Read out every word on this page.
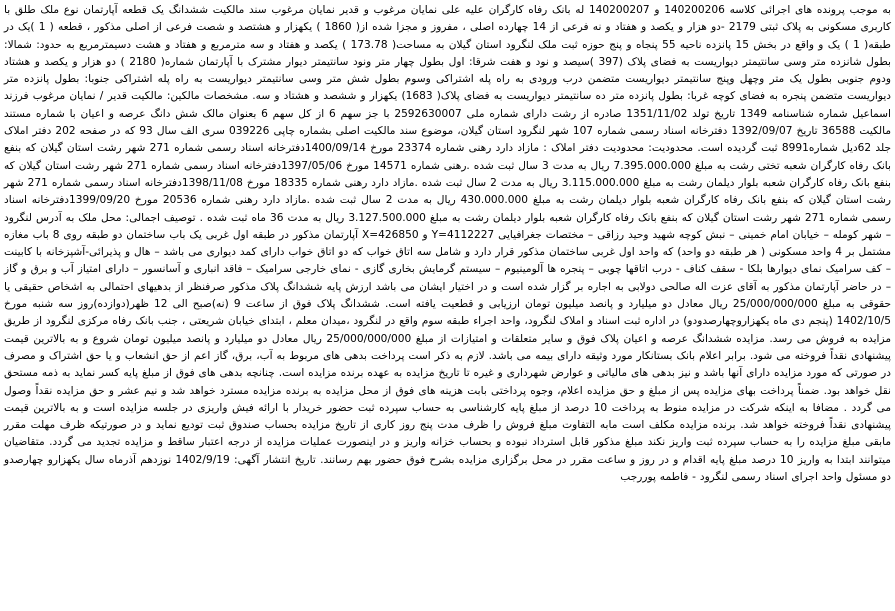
به موجب پرونده های اجرائی کلاسه 140200206 و 140200207 له بانک رفاه کارگران علیه علی نمایان مرغوب و قدیر نمایان مرغوب سند مالکیت ششدانگ یک قطعه آپارتمان نوع ملک طلق با کاربری مسکونی به پلاک ثبتی 2179 -دو هزار و یکصد و هفتاد و نه فرعی از 14 چهارده اصلی ، مفروز و مجزا شده از( 1860 ) یکهزار و هشتصد و شصت فرعی از اصلی مذکور ، قطعه ( 1 )یک در طبقه( 1 ) یک و واقع در بخش 15 پانزده ناحیه 55 پنجاه و پنج حوزه ثبت ملک لنگرود استان گیلان به مساحت( 173.78 ) یکصد و هفتاد و سه مترمربع و هفتاد و هشت دسیمترمربع به حدود: شمالا: بطول شانزده متر وسی سانتیمتر دیواریست به فضای پلاک (397 )سیصد و نود و هفت شرقا: اول بطول چهار متر ونود سانتیمتر دیوار مشترک با آپارتمان شماره( 2180 ) دو هزار و یکصد و هشتاد ودوم جنوبی بطول یک متر وچهل وپنج سانتیمتر دیواریست متضمن درب ورودی به راه پله اشتراکی وسوم بطول شش متر وسی سانتیمتر دیواریست به راه پله اشتراکی جنوبا: بطول پانزده متر دیواریست متضمن پنجره به فضای کوچه غربا: بطول پانزده متر ده سانتیمتر دیواریست به فضای پلاک( 1683) یکهزار و ششصد و هشتاد و سه. مشخصات مالکین: مالکیت قدیر / نمایان مرغوب فرزند اسماعیل شماره شناسنامه 1349 تاریخ تولد 1351/11/02 صادره از رشت دارای شماره ملی 2592630007 با جز سهم 6 از کل سهم 6 بعنوان مالک شش دانگ عرصه و اعیان با شماره مستند مالکیت 36588 تاریخ 1392/09/07 دفترخانه اسناد رسمی شماره 107 شهر لنگرود استان گیلان، موضوع سند مالکیت اصلی بشماره چاپی 039226 سری الف سال 93 که در صفحه 202 دفتر املاک جلد 62دیل شماره8991 ثبت گردیده است. محدودیت: محدودیت دفتر املاک : مازاد دارد رهنی شماره 23374 مورخ 1400/09/14دفترخانه اسناد رسمی شماره 271 شهر رشت استان گیلان که بنفع بانک رفاه کارگران شعبه تختی رشت به مبلغ 7.395.000.000 ریال به مدت 3 سال ثبت شده .رهنی شماره 14571 مورخ 1397/05/06دفترخانه اسناد رسمی شماره 271 شهر رشت استان گیلان که بنفع بانک رفاه کارگران شعبه بلوار دیلمان رشت به مبلغ 3.115.000.000 ریال به مدت 2 سال ثبت شده .مازاد دارد رهنی شماره 18335 مورخ 1398/11/08دفترخانه اسناد رسمی شماره 271 شهر رشت استان گیلان که بنفع بانک رفاه کارگران شعبه بلوار دیلمان رشت به مبلغ 430.000.000 ریال به مدت 2 سال ثبت شده .مازاد دارد رهنی شماره 20536 مورخ 1399/09/20دفترخانه اسناد رسمی شماره 271 شهر رشت استان گیلان که بنفع بانک رفاه کارگران شعبه بلوار دیلمان رشت به مبلغ 3.127.500.000 ریال به مدت 36 ماه ثبت شده . توصیف اجمالی: محل ملک به آدرس لنگرود – شهر کومله – خیابان امام خمینی – نبش کوچه شهید وحید رزاقی – مختصات جغرافیایی Y=4112227 و X=426850 آپارتمان مذکور در طبقه اول غربی یک باب ساختمان دو طبقه روی 8 باب مغازه مشتمل بر 4 واحد مسکونی ( هر طبقه دو واحد) که واحد اول غربی ساختمان مذکور قرار دارد و شامل سه اتاق خواب که دو اتاق خواب دارای کمد دیواری می باشد – هال و پذیرائی-آشپزخانه با کابینت – کف سرامیک نمای دیوارها بلکا - سقف کناف - درب اتاقها چوبی – پنجره ها آلومینیوم – سیستم گرمایش بخاری گازی - نمای خارجی سرامیک – فاقد انباری و آسانسور – دارای امتیاز آب و برق و گاز – در حاضر آپارتمان مذکور به آقای عزت اله صالحی دولابی به اجاره بر گزار شده است و در اختیار ایشان می باشد ارزش پایه ششدانگ پلاک مذکور صرفنظر از بدهیهای احتمالی به اشخاص حقیقی یا حقوقی به مبلغ 25/000/000/000 ریال معادل دو میلیارد و پانصد میلیون تومان ارزیابی و قطعیت یافته است. ششدانگ پلاک فوق از ساعت 9 (نه)صبح الی 12 ظهر(دوازده)روز سه شنبه مورخ 1402/10/5 (پنجم دی ماه یکهزاروچهارصدودو) در اداره ثبت اسناد و املاک لنگرود، واحد اجراء طبقه سوم واقع در لنگرود ،میدان معلم ، ابتدای خیابان شریعتی ، جنب بانک رفاه مرکزی لنگرود از طریق مزایده به فروش می رسد. مزایده ششدانگ عرصه و اعیان پلاک فوق و سایر متعلقات و امتیازات از مبلغ 25/000/000/000 ریال معادل دو میلیارد و پانصد میلیون تومان شروع و به بالاترین قیمت پیشنهادی نقداً فروخته می شود. برابر اعلام بانک بستانکار مورد وثیقه دارای بیمه می باشد. لازم به ذکر است پرداخت بدهی های مربوط به آب، برق، گاز اعم از حق انشعاب و یا حق اشتراک و مصرف در صورتی که مورد مزایده دارای آنها باشد و نیز بدهی های مالیاتی و عوارض شهرداری و غیره تا تاریخ مزایده به عهده برنده مزایده است. چنانچه بدهی های فوق از مبلغ پایه کسر نماید به ذمه مستحق نقل خواهد بود. ضمناً پرداخت بهای مزایده پس از مبلغ و حق مزایده اعلام، وجوه پرداختی بابت هزینه های فوق از محل مزایده به برنده مزایده مسترد خواهد شد و نیم عشر و حق مزایده نقداً وصول می گردد . مضافا به اینکه شرکت در مزایده منوط به پرداخت 10 درصد از مبلغ پایه کارشناسی به حساب سپرده ثبت حضور خریدار با ارائه فیش واریزی در جلسه مزایده است و به بالاترین قیمت پیشنهادی نقداً فروخته خواهد شد. برنده مزایده مکلف است مابه التفاوت مبلغ فروش را ظرف مدت پنج روز کاری از تاریخ مزایده بحساب صندوق ثبت تودیع نماید و در صورتیکه ظرف مهلت مقرر مابقی مبلغ مزایده را به حساب سپرده ثبت واریز نکند مبلغ مذکور قابل استرداد نبوده و بحساب خزانه واریز و در اینصورت عملیات مزایده از درجه اعتبار ساقط و مزایده تجدید می گردد. متقاضیان میتوانند ابتدا به واریز 10 درصد مبلغ پایه اقدام و در روز و ساعت مقرر در محل برگزاری مزایده بشرح فوق حضور بهم رسانند. تاریخ انتشار آگهی: 1402/9/19 نوزدهم آذرماه سال یکهزارو چهارصدو دو مسئول واحد اجرای اسناد رسمی لنگرود - فاطمه پوررجب
